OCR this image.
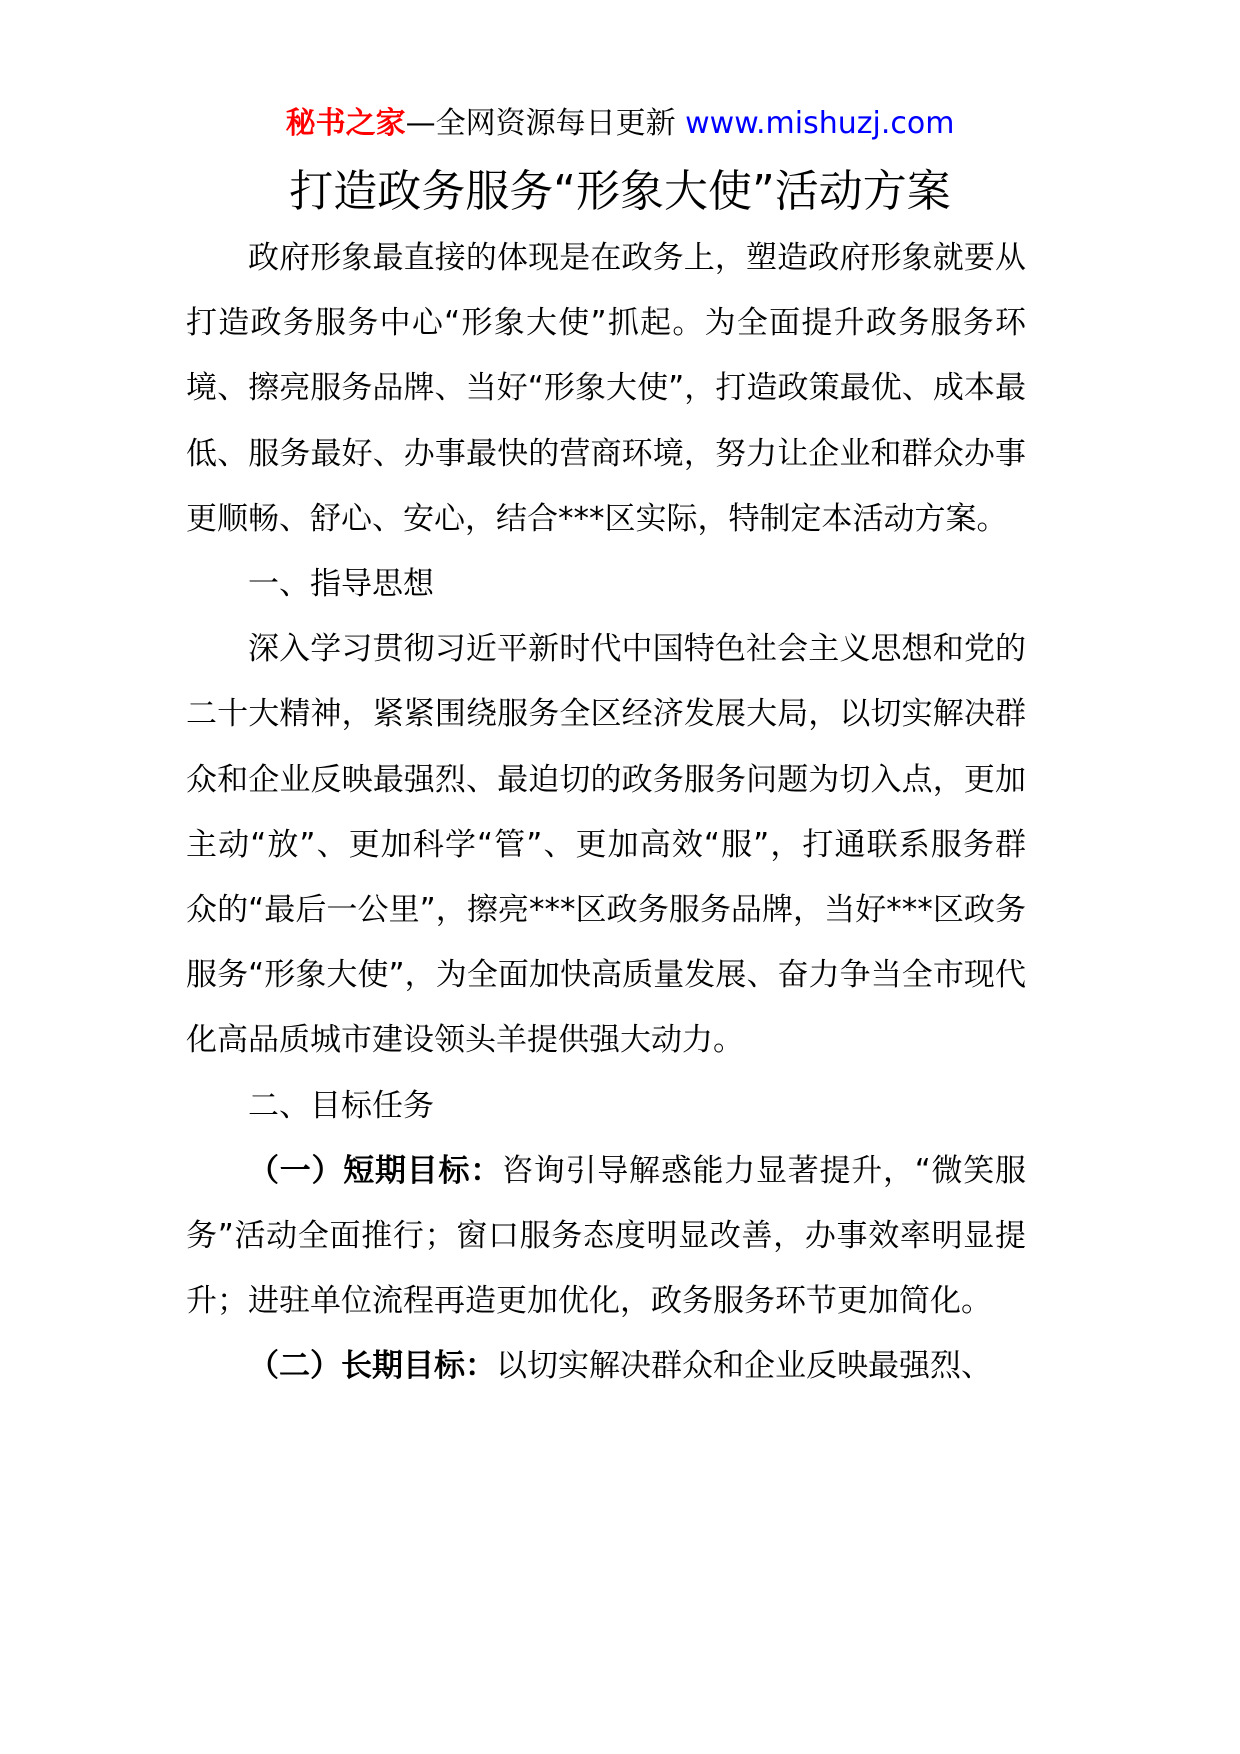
秘书之家—全网资源每日更新 www.mishuzj.com
打造政务服务“形象大使”活动方案

政府形象最直接的体现是在政务上，塑造政府形象就要从打造政务服务中心“形象大使”抓起。为全面提升政务服务环境、擦亮服务品牌、当好“形象大使”，打造政策最优、成本最低、服务最好、办事最快的营商环境，努力让企业和群众办事更顺畅、舒心、安心，结合***区实际，特制定本活动方案。

一、指导思想

深入学习贯彻习近平新时代中国特色社会主义思想和党的二十大精神，紧紧围绕服务全区经济发展大局，以切实解决群众和企业反映最强烈、最迫切的政务服务问题为切入点，更加主动“放”、更加科学“管”、更加高效“服”，打通联系服务群众的“最后一公里”，擦亮***区政务服务品牌，当好***区政务服务“形象大使”，为全面加快高质量发展、奋力争当全市现代化高品质城市建设领头羊提供强大动力。

二、目标任务

（一）短期目标：咨询引导解惑能力显著提升，“微笑服务”活动全面推行；窗口服务态度明显改善，办事效率明显提升；进驻单位流程再造更加优化，政务服务环节更加简化。

（二）长期目标：以切实解决群众和企业反映最强烈、
